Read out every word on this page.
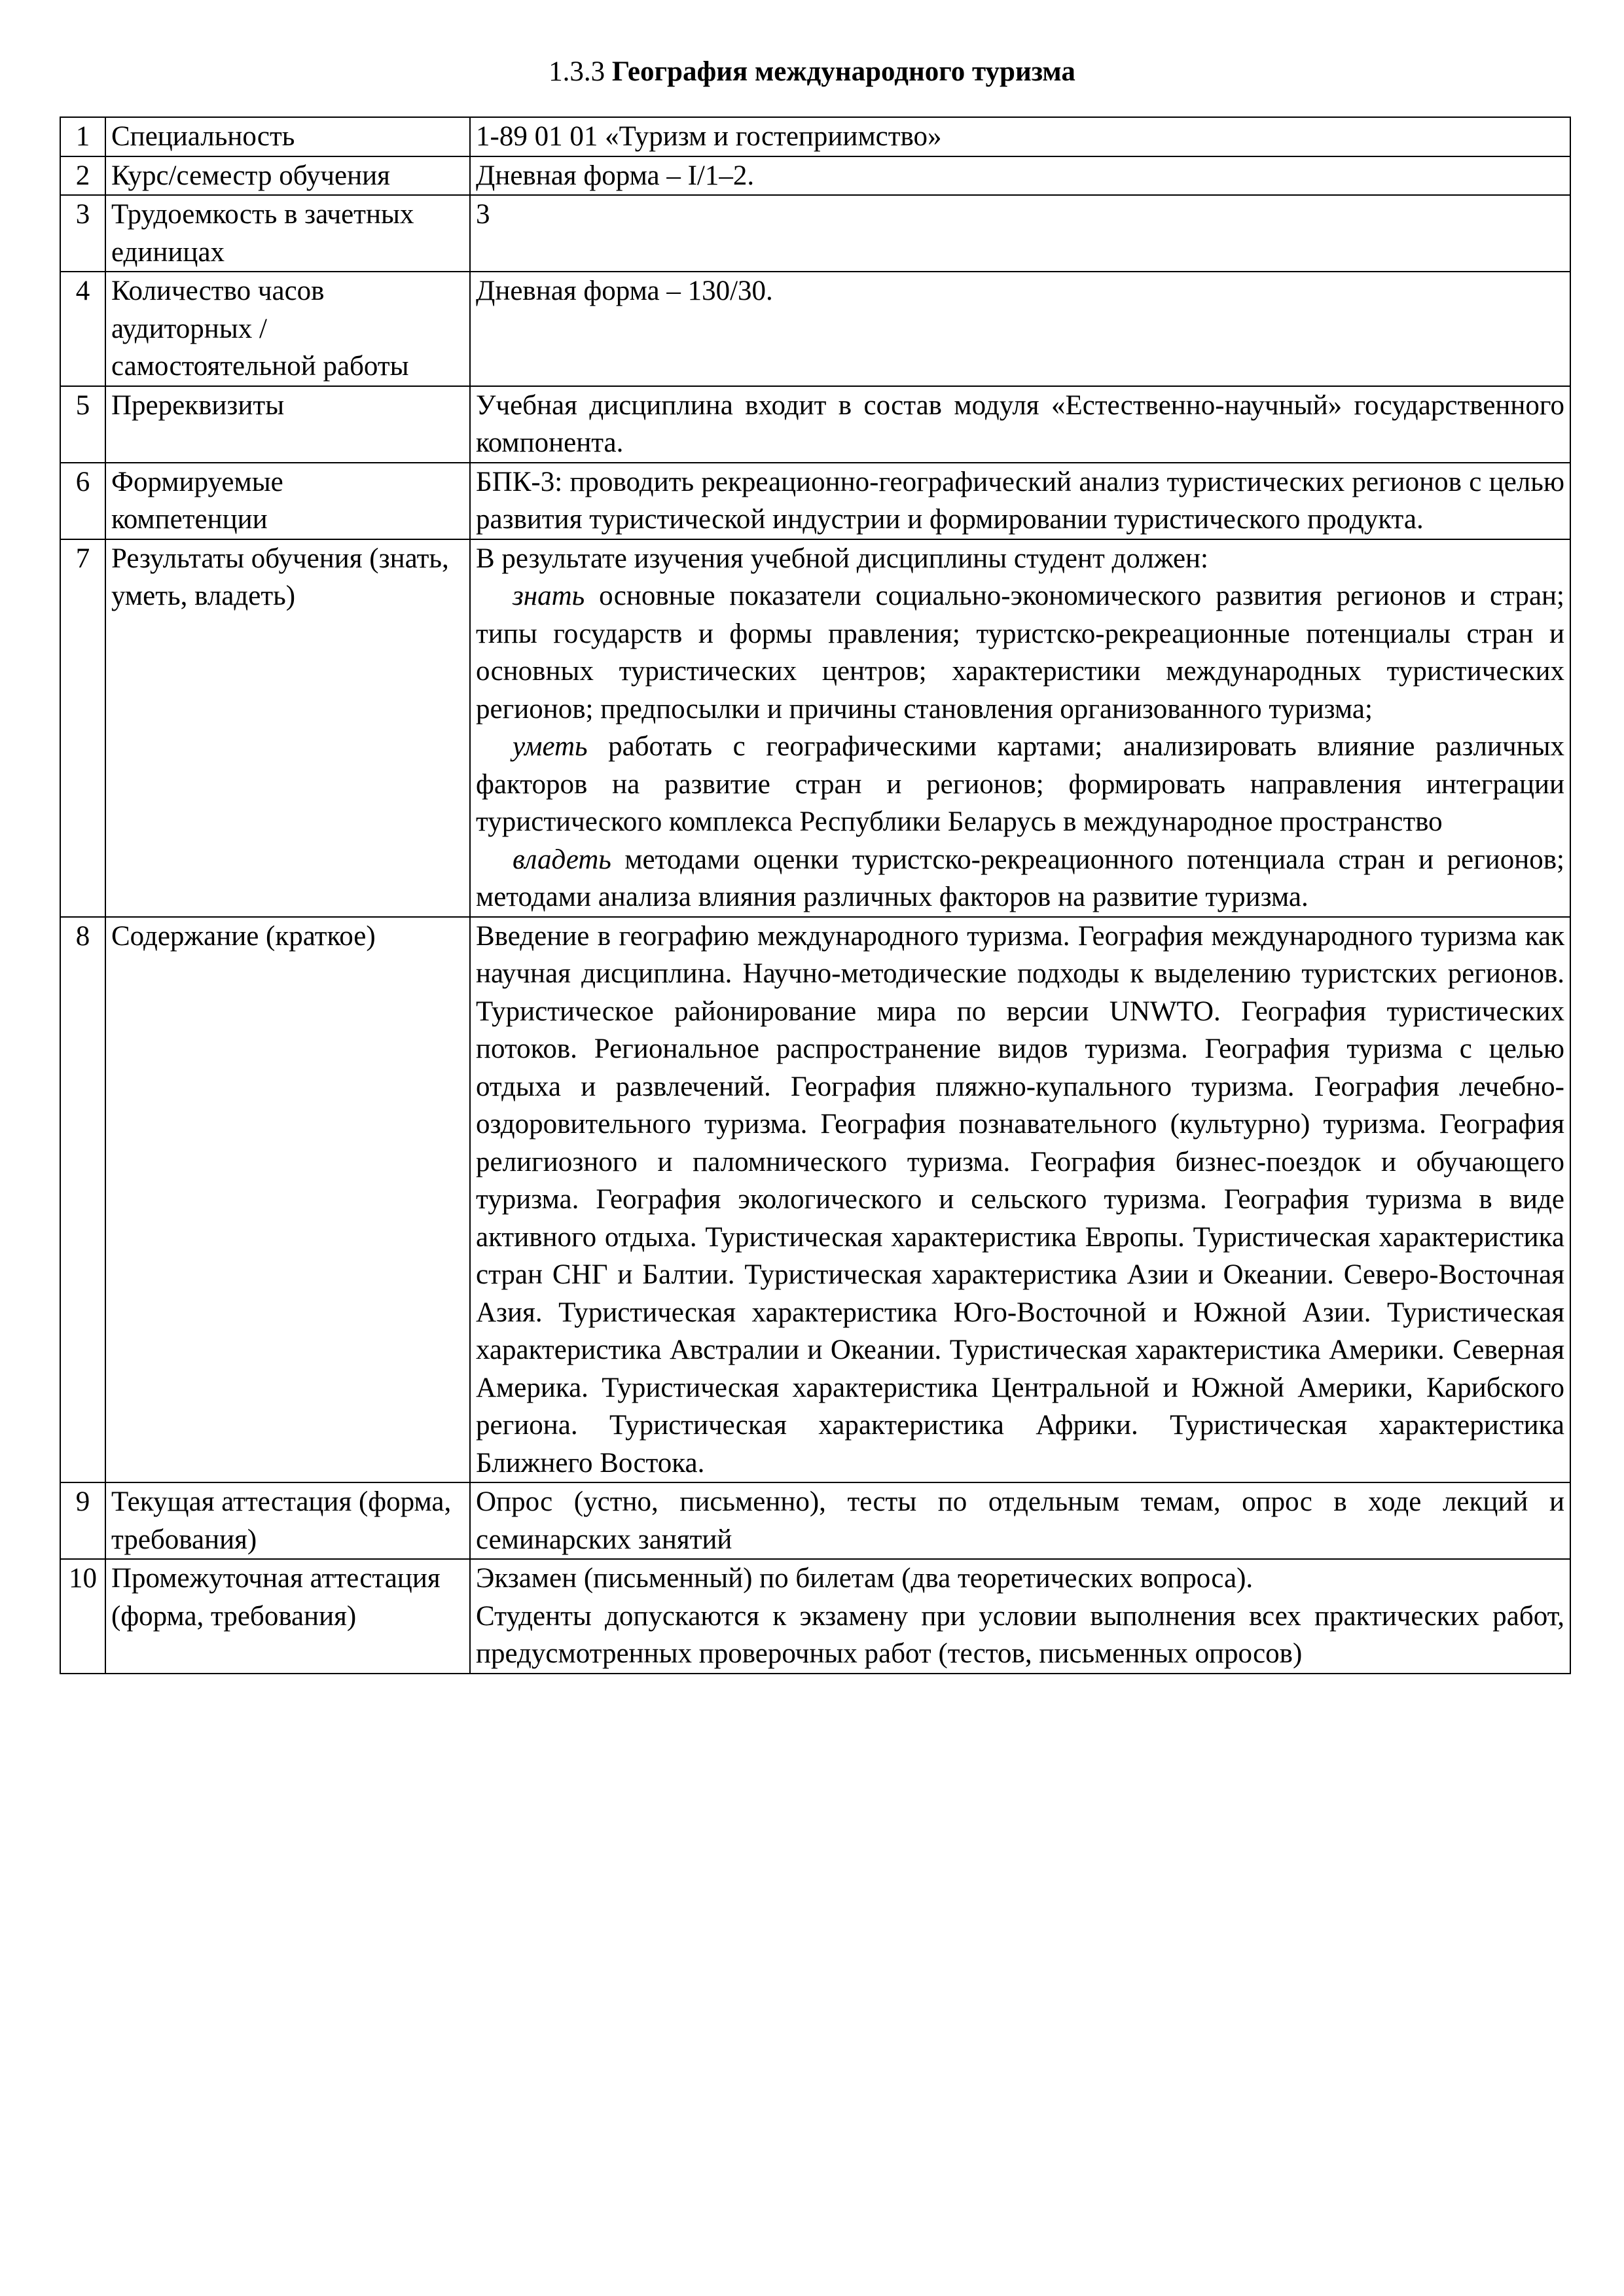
1.3.3 География международного туризма
1	Специальность	1-89 01 01 «Туризм и гостеприимство»
2	Курс/семестр обучения	Дневная форма – I/1–2.
3	Трудоемкость в зачетных единицах	3
4	Количество часов аудиторных / самостоятельной работы	Дневная форма – 130/30.
5	Пререквизиты	Учебная дисциплина входит в состав модуля «Естественно-научный» государственного компонента.
6	Формируемые компетенции	БПК-3: проводить рекреационно-географический анализ туристических регионов с целью развития туристической индустрии и формировании туристического продукта.
7	Результаты обучения (знать, уметь, владеть)	В результате изучения учебной дисциплины студент должен:
знать основные показатели социально-экономического развития регионов и стран; типы государств и формы правления; туристско-рекреационные потенциалы стран и основных туристических центров; характеристики международных туристических регионов; предпосылки и причины становления организованного туризма;
уметь работать с географическими картами; анализировать влияние различных факторов на развитие стран и регионов; формировать направления интеграции туристического комплекса Республики Беларусь в международное пространство
владеть методами оценки туристско-рекреационного потенциала стран и регионов; методами анализа влияния различных факторов на развитие туризма.

8	Содержание (краткое)	Введение в географию международного туризма. География международного туризма как научная дисциплина. Научно-методические подходы к выделению туристских регионов. Туристическое районирование мира по версии UNWTO. География туристических потоков. Региональное распространение видов туризма. География туризма с целью отдыха и развлечений. География пляжно-купального туризма. География лечебно-оздоровительного туризма. География познавательного (культурно) туризма. География религиозного и паломнического туризма. География бизнес-поездок и обучающего туризма. География экологического и сельского туризма. География туризма в виде активного отдыха. Туристическая характеристика Европы. Туристическая характеристика стран СНГ и Балтии. Туристическая характеристика Азии и Океании. Северо-Восточная Азия. Туристическая характеристика Юго-Восточной и Южной Азии. Туристическая характеристика Австралии и Океании. Туристическая характеристика Америки. Северная Америка. Туристическая характеристика Центральной и Южной Америки, Карибского региона. Туристическая характеристика Африки. Туристическая характеристика Ближнего Востока.
9	Текущая аттестация (форма, требования)	Опрос (устно, письменно), тесты по отдельным темам, опрос в ходе лекций и семинарских занятий
10	Промежуточная аттестация (форма, требования)	Экзамен (письменный) по билетам (два теоретических вопроса).
Студенты допускаются к экзамену при условии выполнения всех практических работ, предусмотренных проверочных работ (тестов, письменных опросов)
